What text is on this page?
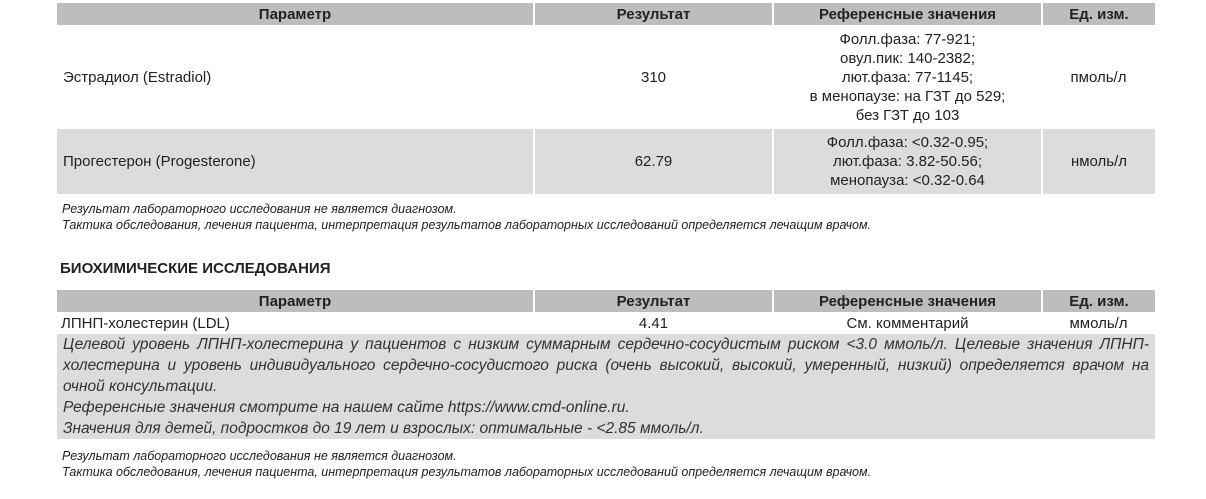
Параметр	Результат	Референсные значения	Ед. изм.
Эстрадиол (Estradiol)	310	Фолл.фаза: 77-921;
овул.пик: 140-2382;
лют.фаза: 77-1145;
в менопаузе: на ГЗТ до 529;
без ГЗТ до 103	пмоль/л
Прогестерон (Progesterone)	62.79	Фолл.фаза: <0.32-0.95;
лют.фаза: 3.82-50.56;
менопауза: <0.32-0.64	нмоль/л
Результат лабораторного исследования не является диагнозом.
Тактика обследования, лечения пациента, интерпретация результатов лабораторных исследований определяется лечащим врачом.
БИОХИМИЧЕСКИЕ ИССЛЕДОВАНИЯ
Параметр	Результат	Референсные значения	Ед. изм.
ЛПНП-холестерин (LDL)	4.41	См. комментарий	ммоль/л

Целевой уровень ЛПНП-холестерина у пациентов с низким суммарным сердечно-сосудистым риском <3.0 ммоль/л. Целевые значения ЛПНП-холестерина и уровень индивидуального сердечно-сосудистого риска (очень высокий, высокий, умеренный, низкий) определяется врачом на очной консультации.
Референсные значения смотрите на нашем сайте https://www.cmd-online.ru.
Значения для детей, подростков до 19 лет и взрослых: оптимальные - <2.85 ммоль/л.			
Результат лабораторного исследования не является диагнозом.
Тактика обследования, лечения пациента, интерпретация результатов лабораторных исследований определяется лечащим врачом.
